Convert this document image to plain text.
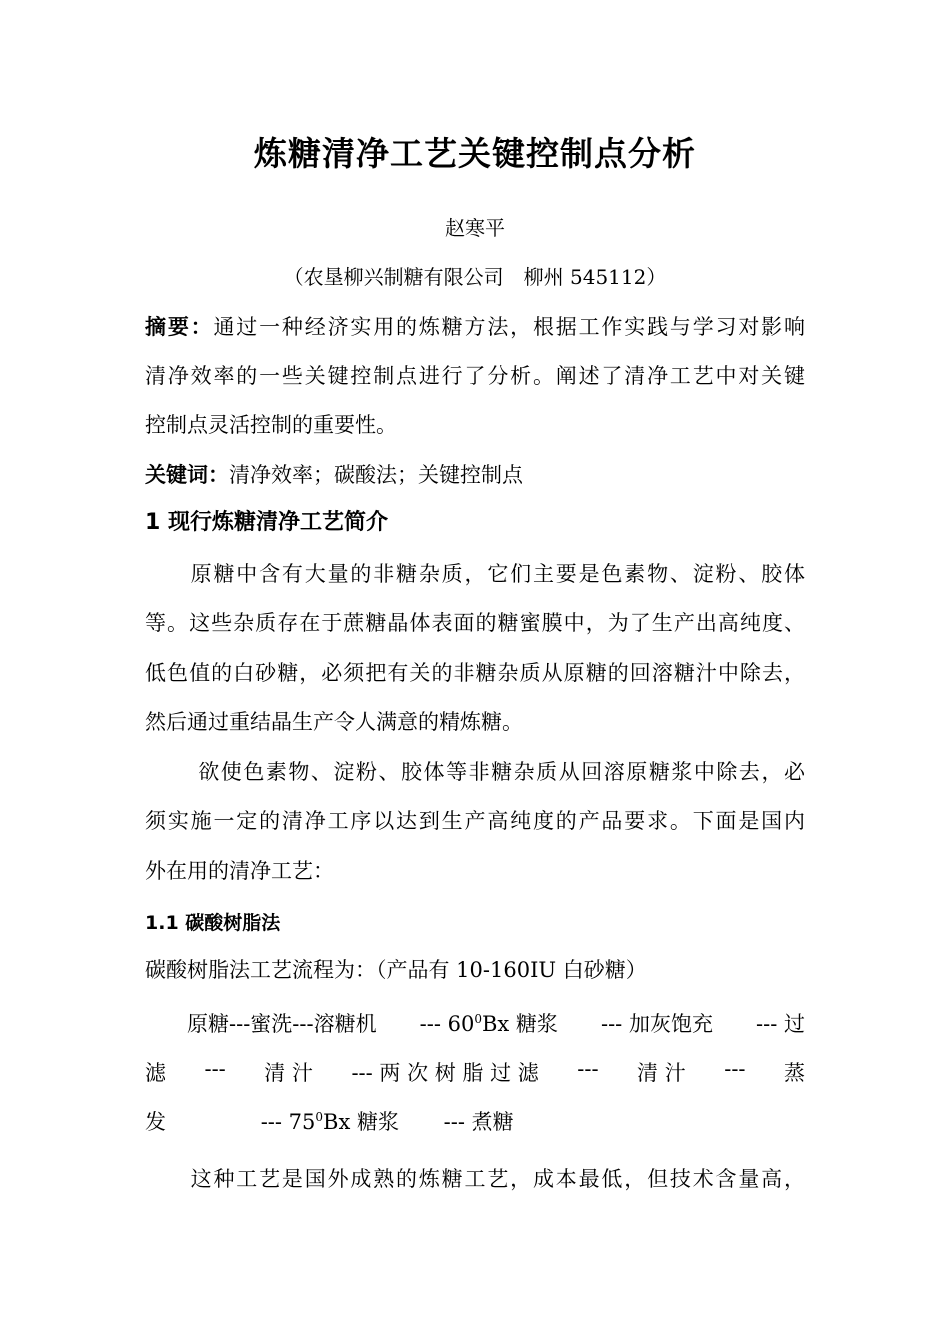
炼糖清净工艺关键控制点分析
赵寒平
（农垦柳兴制糖有限公司　柳州 545112）
摘要：通过一种经济实用的炼糖方法，根据工作实践与学习对影响
清净效率的一些关键控制点进行了分析。阐述了清净工艺中对关键
控制点灵活控制的重要性。
关键词：清净效率；碳酸法；关键控制点
1 现行炼糖清净工艺简介
　　原糖中含有大量的非糖杂质，它们主要是色素物、淀粉、胶体
等。这些杂质存在于蔗糖晶体表面的糖蜜膜中，为了生产出高纯度、
低色值的白砂糖，必须把有关的非糖杂质从原糖的回溶糖汁中除去，
然后通过重结晶生产令人满意的精炼糖。
　　 欲使色素物、淀粉、胶体等非糖杂质从回溶原糖浆中除去，必
须实施一定的清净工序以达到生产高纯度的产品要求。下面是国内
外在用的清净工艺：
1.1 碳酸树脂法
碳酸树脂法工艺流程为：（产品有 10-160IU 白砂糖）
　　原糖---蜜洗---溶糖机 --- $60^0Bx$ 糖浆 --- 加灰饱充 --- 过
滤 --- 清 汁 --- 两 次 树 脂 过 滤 --- 清 汁 --- 蒸
发	--- $75^0Bx$ 糖浆 --- 煮糖
　　这种工艺是国外成熟的炼糖工艺，成本最低，但技术含量高，
